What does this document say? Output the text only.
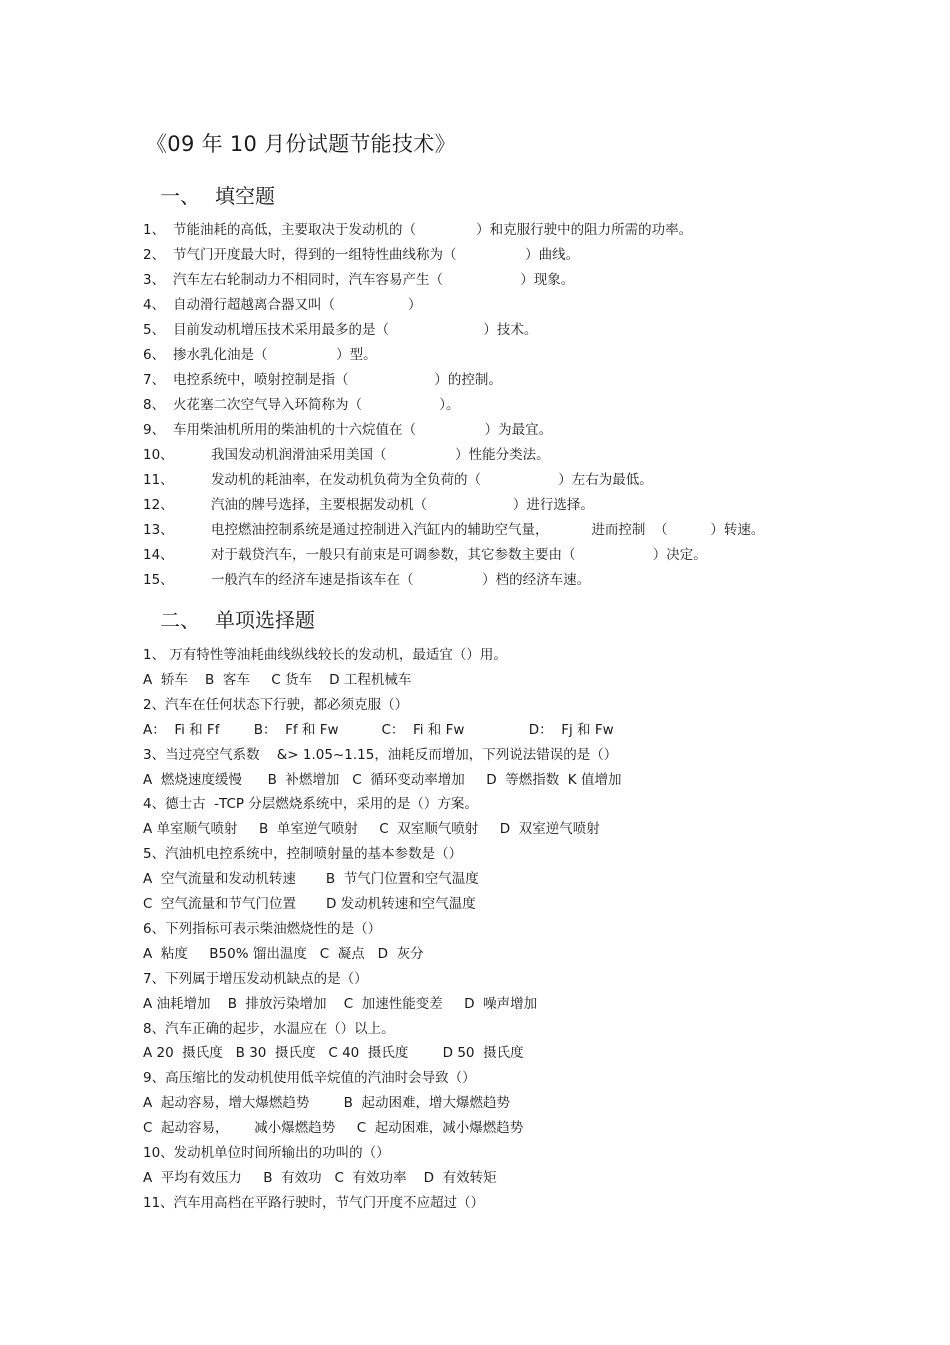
《09 年 10 月份试题节能技术》
一、 填空题
1、 节能油耗的高低，主要取决于发动机的（              ）和克服行驶中的阻力所需的功率。
2、 节气门开度最大时，得到的一组特性曲线称为（                ）曲线。
3、 汽车左右轮制动力不相同时，汽车容易产生（                  ）现象。
4、 自动滑行超越离合器又叫（                 ）
5、 目前发动机增压技术采用最多的是（                      ）技术。
6、 掺水乳化油是（                ）型。
7、 电控系统中，喷射控制是指（                    ）的控制。
8、 火花塞二次空气导入环简称为（                  ）。
9、 车用柴油机所用的柴油机的十六烷值在（                ）为最宜。
10、	我国发动机润滑油采用美国（                ）性能分类法。
11、	发动机的耗油率，在发动机负荷为全负荷的（                  ）左右为最低。
12、	汽油的牌号选择，主要根据发动机（                    ）进行选择。
13、	电控燃油控制系统是通过控制进入汽缸内的辅助空气量，          进而控制  （          ）转速。
14、	对于载贷汽车，一般只有前束是可调参数，其它参数主要由（                  ）决定。
15、	一般汽车的经济车速是指该车在（                ）档的经济车速。
二、 单项选择题
1、 万有特性等油耗曲线纵线较长的发动机，最适宜（）用。
A  轿车    B  客车     C 货车    D 工程机械车
2、汽车在任何状态下行驶，都必须克服（）
A：  Fi 和 Ff        B：  Ff 和 Fw          C：  Fi 和 Fw               D：  Fj 和 Fw
3、当过亮空气系数    &> 1.05~1.15，油耗反而增加，下列说法错误的是（）
A  燃烧速度缓慢      B  补燃增加   C  循环变动率增加     D  等燃指数  K 值增加
4、德士古  -TCP 分层燃烧系统中，采用的是（）方案。
A 单室顺气喷射     B  单室逆气喷射     C  双室顺气喷射     D  双室逆气喷射
5、汽油机电控系统中，控制喷射量的基本参数是（）
A  空气流量和发动机转速       B  节气门位置和空气温度
C  空气流量和节气门位置       D 发动机转速和空气温度
6、下列指标可表示柴油燃烧性的是（）
A  粘度     B50% 馏出温度   C  凝点   D  灰分
7、下列属于增压发动机缺点的是（）
A 油耗增加    B  排放污染增加    C  加速性能变差     D  噪声增加
8、汽车正确的起步，水温应在（）以上。
A 20  摄氏度   B 30  摄氏度   C 40  摄氏度        D 50  摄氏度
9、高压缩比的发动机使用低辛烷值的汽油时会导致（）
A  起动容易，增大爆燃趋势        B  起动困难，增大爆燃趋势
C  起动容易，      减小爆燃趋势     C  起动困难，减小爆燃趋势
10、发动机单位时间所输出的功叫的（）
A  平均有效压力     B  有效功   C  有效功率    D  有效转矩
11、汽车用高档在平路行驶时，节气门开度不应超过（）
